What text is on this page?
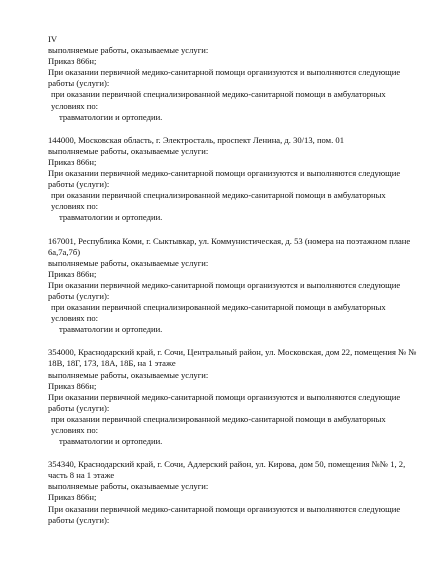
IV
выполняемые работы, оказываемые услуги:
Приказ 866н;
При оказании первичной медико-санитарной помощи организуются и выполняются следующие работы (услуги):
при оказании первичной специализированной медико-санитарной помощи в амбулаторных условиях по:
травматологии и ортопедии.
144000, Московская область, г. Электросталь, проспект Ленина, д. 30/13, пом. 01
выполняемые работы, оказываемые услуги:
Приказ 866н;
При оказании первичной медико-санитарной помощи организуются и выполняются следующие работы (услуги):
при оказании первичной специализированной медико-санитарной помощи в амбулаторных условиях по:
травматологии и ортопедии.
167001, Республика Коми, г. Сыктывкар, ул. Коммунистическая, д. 53 (номера на поэтажном плане 6а,7а,7б)
выполняемые работы, оказываемые услуги:
Приказ 866н;
При оказании первичной медико-санитарной помощи организуются и выполняются следующие работы (услуги):
при оказании первичной специализированной медико-санитарной помощи в амбулаторных условиях по:
травматологии и ортопедии.
354000, Краснодарский край, г. Сочи, Центральный район, ул. Московская, дом 22, помещения № № 18В, 18Г, 17З, 18А, 18Б, на 1 этаже
выполняемые работы, оказываемые услуги:
Приказ 866н;
При оказании первичной медико-санитарной помощи организуются и выполняются следующие работы (услуги):
при оказании первичной специализированной медико-санитарной помощи в амбулаторных условиях по:
травматологии и ортопедии.
354340, Краснодарский край, г. Сочи, Адлерский район, ул. Кирова, дом 50, помещения №№ 1, 2, часть 8 на 1 этаже
выполняемые работы, оказываемые услуги:
Приказ 866н;
При оказании первичной медико-санитарной помощи организуются и выполняются следующие работы (услуги):
